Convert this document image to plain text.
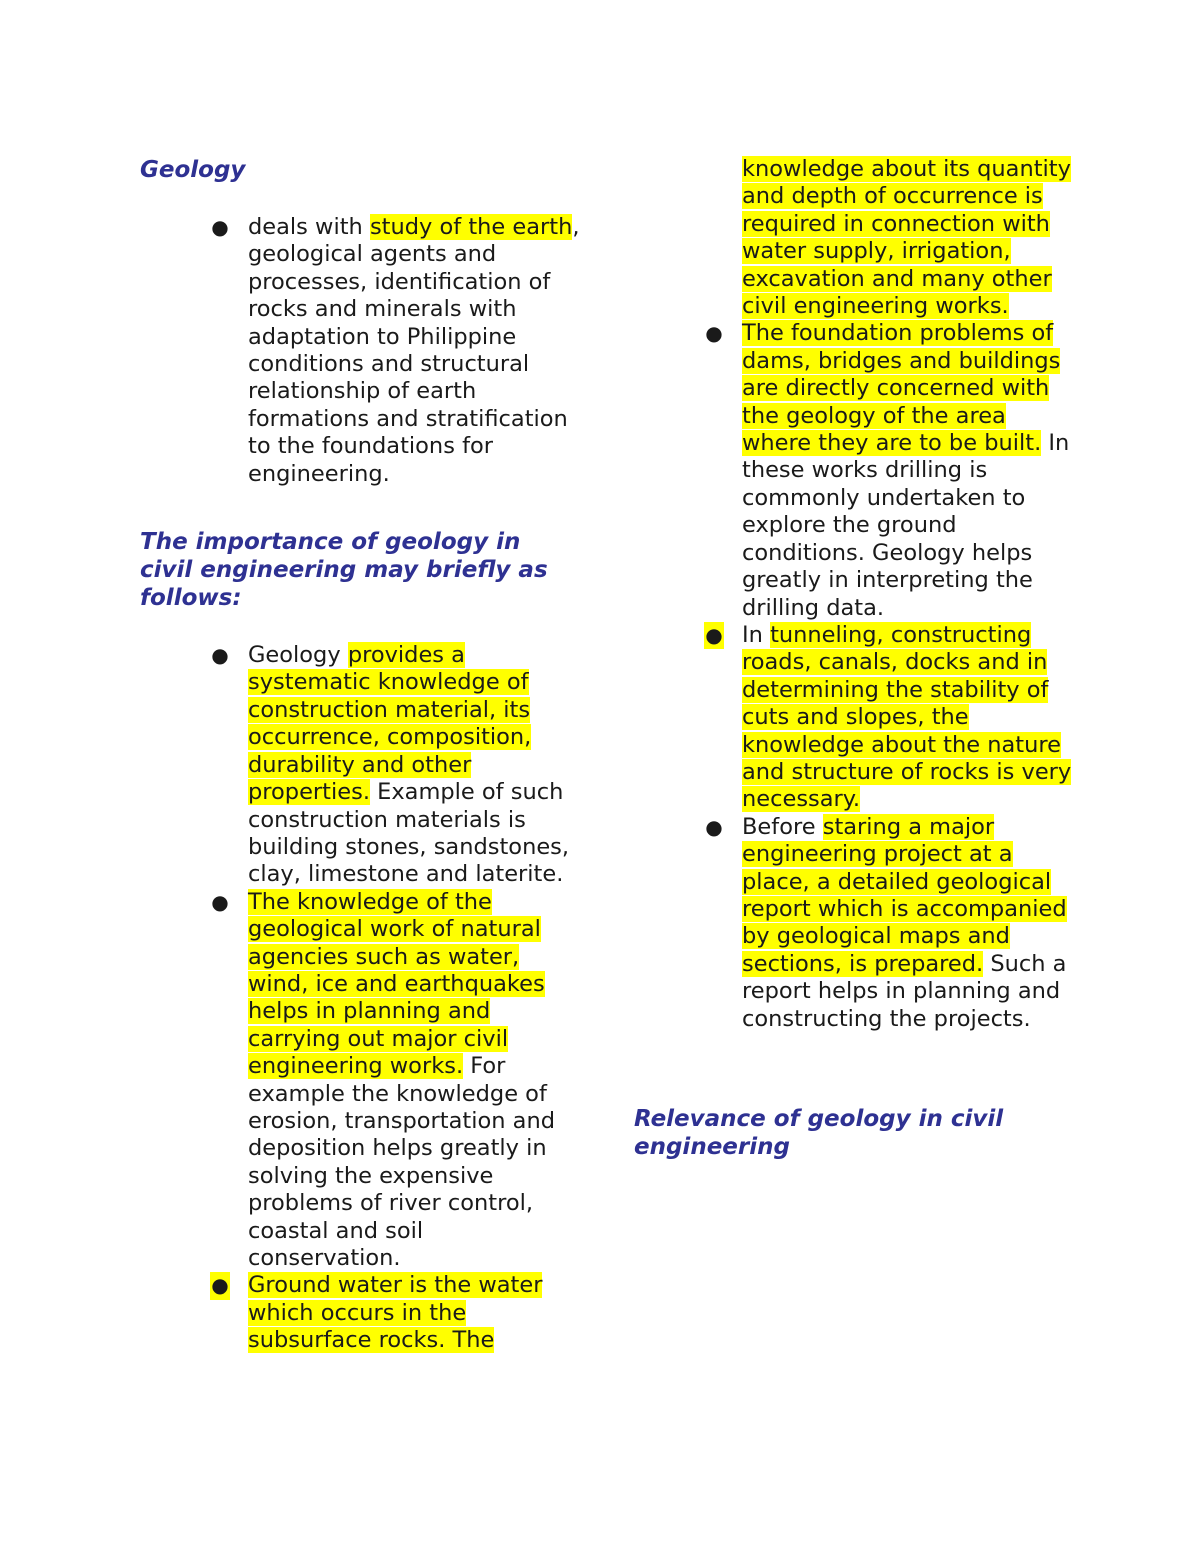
Geology
● deals with study of the earth, geological agents and processes, identification of rocks and minerals with adaptation to Philippine conditions and structural relationship of earth formations and stratification to the foundations for engineering.
The importance of geology in civil engineering may briefly as follows:
● Geology provides a systematic knowledge of construction material, its occurrence, composition, durability and other properties. Example of such construction materials is building stones, sandstones, clay, limestone and laterite.
● The knowledge of the geological work of natural agencies such as water, wind, ice and earthquakes helps in planning and carrying out major civil engineering works. For example the knowledge of erosion, transportation and deposition helps greatly in solving the expensive problems of river control, coastal and soil conservation.
● Ground water is the water which occurs in the subsurface rocks. The
knowledge about its quantity and depth of occurrence is required in connection with water supply, irrigation, excavation and many other civil engineering works.
● The foundation problems of dams, bridges and buildings are directly concerned with the geology of the area where they are to be built. In these works drilling is commonly undertaken to explore the ground conditions. Geology helps greatly in interpreting the drilling data.
● In tunneling, constructing roads, canals, docks and in determining the stability of cuts and slopes, the knowledge about the nature and structure of rocks is very necessary.
● Before staring a major engineering project at a place, a detailed geological report which is accompanied by geological maps and sections, is prepared. Such a report helps in planning and constructing the projects.
Relevance of geology in civil engineering
